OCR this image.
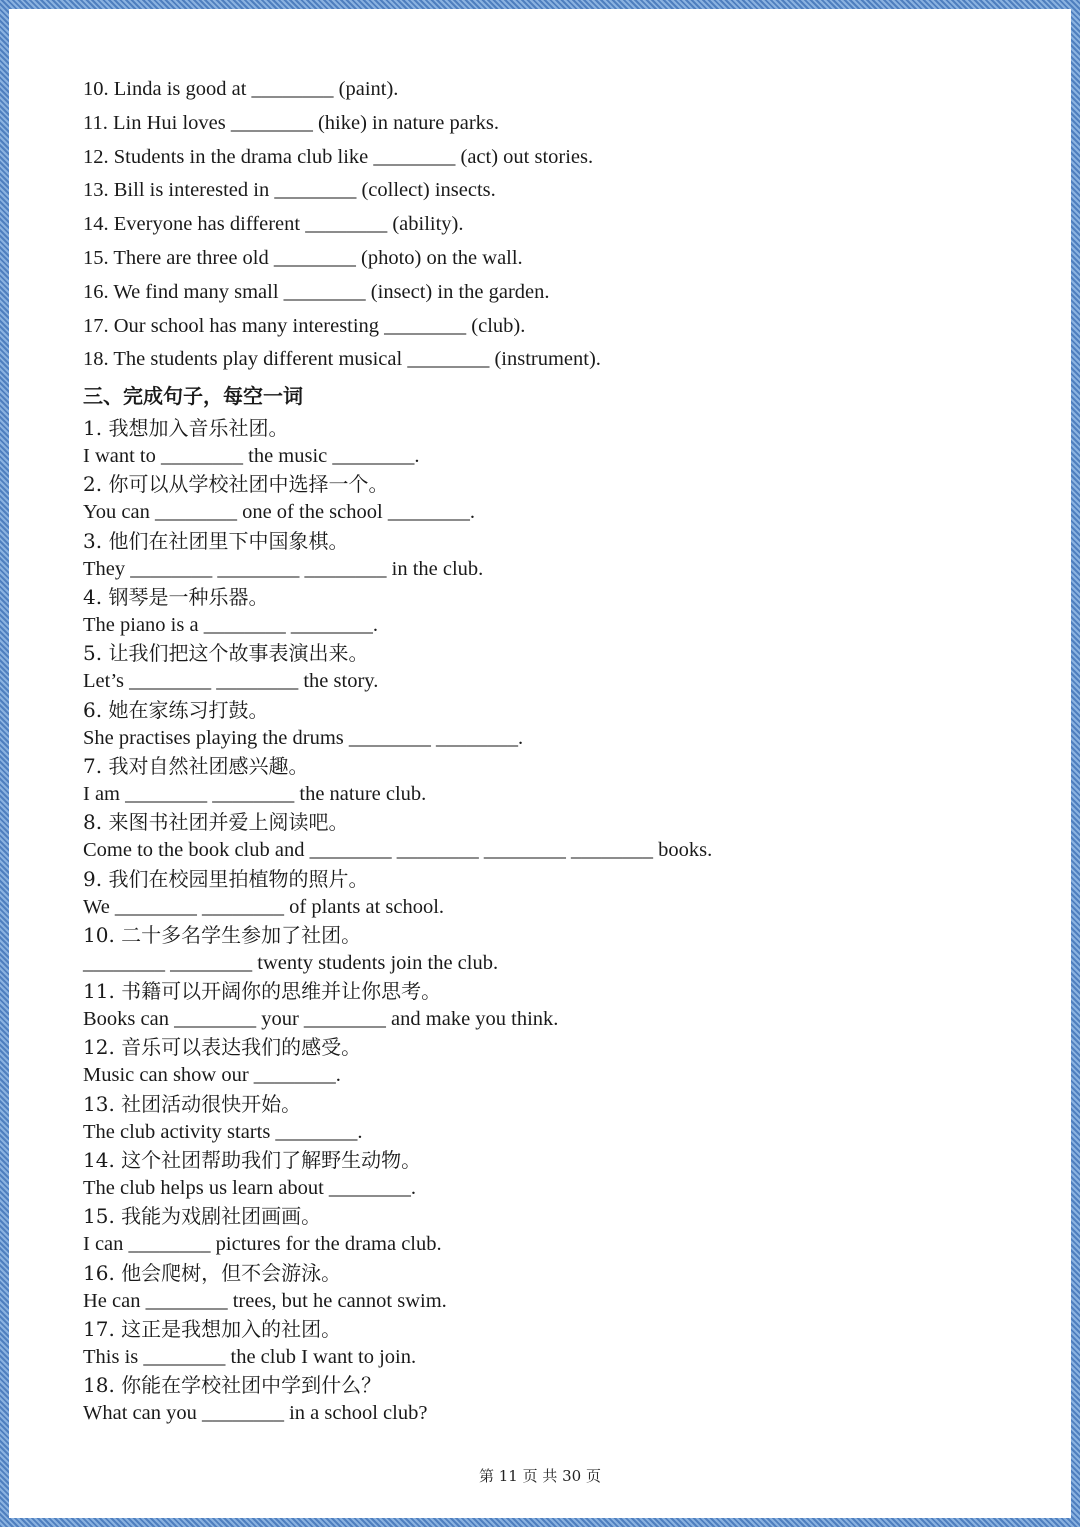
10. Linda is good at ________ (paint).
11. Lin Hui loves ________ (hike) in nature parks.
12. Students in the drama club like ________ (act) out stories.
13. Bill is interested in ________ (collect) insects.
14. Everyone has different ________ (ability).
15. There are three old ________ (photo) on the wall.
16. We find many small ________ (insect) in the garden.
17. Our school has many interesting ________ (club).
18. The students play different musical ________ (instrument).
三、完成句子，每空一词
1. 我想加入音乐社团。
I want to ________ the music ________.
2. 你可以从学校社团中选择一个。
You can ________ one of the school ________.
3. 他们在社团里下中国象棋。
They ________ ________ ________ in the club.
4. 钢琴是一种乐器。
The piano is a ________ ________.
5. 让我们把这个故事表演出来。
Let’s ________ ________ the story.
6. 她在家练习打鼓。
She practises playing the drums ________ ________.
7. 我对自然社团感兴趣。
I am ________ ________ the nature club.
8. 来图书社团并爱上阅读吧。
Come to the book club and ________ ________ ________ ________ books.
9. 我们在校园里拍植物的照片。
We ________ ________ of plants at school.
10. 二十多名学生参加了社团。
________ ________ twenty students join the club.
11. 书籍可以开阔你的思维并让你思考。
Books can ________ your ________ and make you think.
12. 音乐可以表达我们的感受。
Music can show our ________.
13. 社团活动很快开始。
The club activity starts ________.
14. 这个社团帮助我们了解野生动物。
The club helps us learn about ________.
15. 我能为戏剧社团画画。
I can ________ pictures for the drama club.
16. 他会爬树，但不会游泳。
He can ________ trees, but he cannot swim.
17. 这正是我想加入的社团。
This is ________ the club I want to join.
18. 你能在学校社团中学到什么？
What can you ________ in a school club?
第 11 页 共 30 页
